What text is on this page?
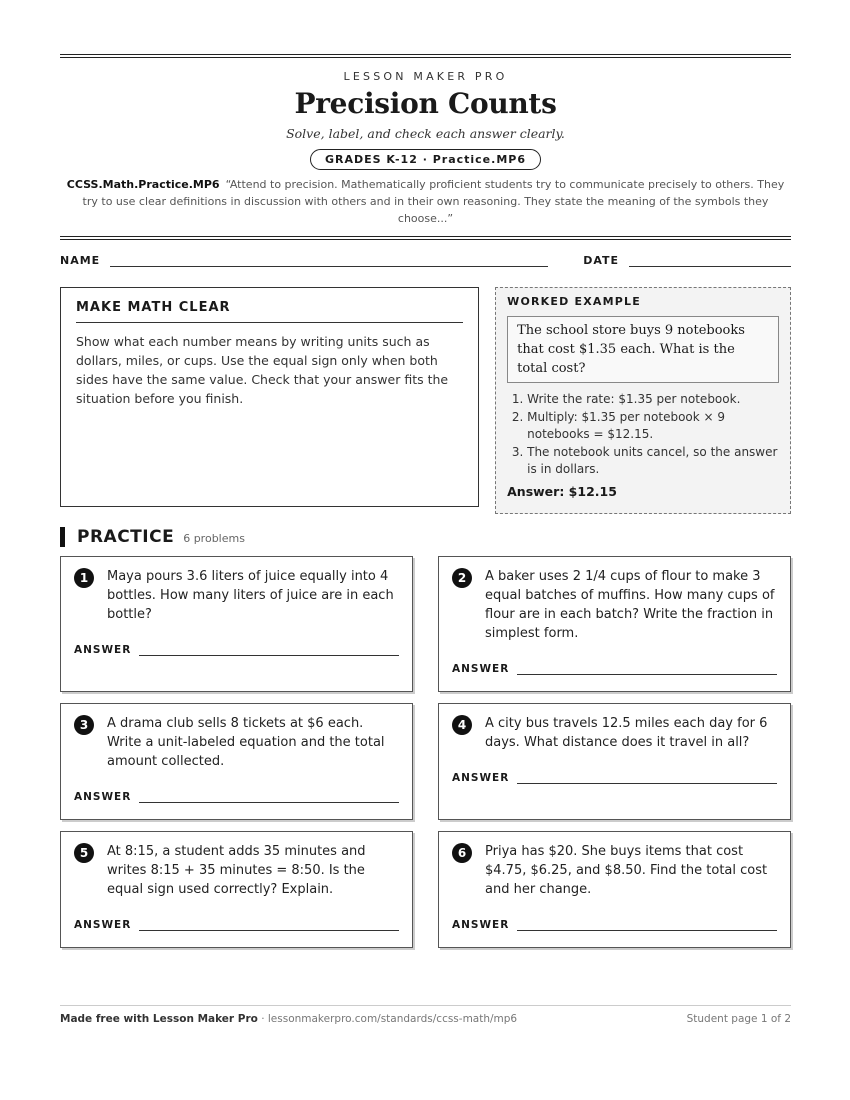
LESSON MAKER PRO
Precision Counts
Solve, label, and check each answer clearly.
GRADES K-12 · Practice.MP6
CCSS.Math.Practice.MP6 “Attend to precision. Mathematically proficient students try to communicate precisely to others. They try to use clear definitions in discussion with others and in their own reasoning. They state the meaning of the symbols they choose...”
NAME	DATE
MAKE MATH CLEAR
Show what each number means by writing units such as dollars, miles, or cups. Use the equal sign only when both sides have the same value. Check that your answer fits the situation before you finish.
WORKED EXAMPLE
The school store buys 9 notebooks that cost $1.35 each. What is the total cost?
1. Write the rate: $1.35 per notebook.
2. Multiply: $1.35 per notebook × 9 notebooks = $12.15.
3. The notebook units cancel, so the answer is in dollars.
Answer: $12.15
PRACTICE 6 problems
1	Maya pours 3.6 liters of juice equally into 4 bottles. How many liters of juice are in each bottle?
ANSWER
2	A baker uses 2 1/4 cups of flour to make 3 equal batches of muffins. How many cups of flour are in each batch? Write the fraction in simplest form.
ANSWER
3	A drama club sells 8 tickets at $6 each. Write a unit-labeled equation and the total amount collected.
ANSWER
4	A city bus travels 12.5 miles each day for 6 days. What distance does it travel in all?
ANSWER
5	At 8:15, a student adds 35 minutes and writes 8:15 + 35 minutes = 8:50. Is the equal sign used correctly? Explain.
ANSWER
6	Priya has $20. She buys items that cost $4.75, $6.25, and $8.50. Find the total cost and her change.
ANSWER
Made free with Lesson Maker Pro · lessonmakerpro.com/standards/ccss-math/mp6	Student page 1 of 2
